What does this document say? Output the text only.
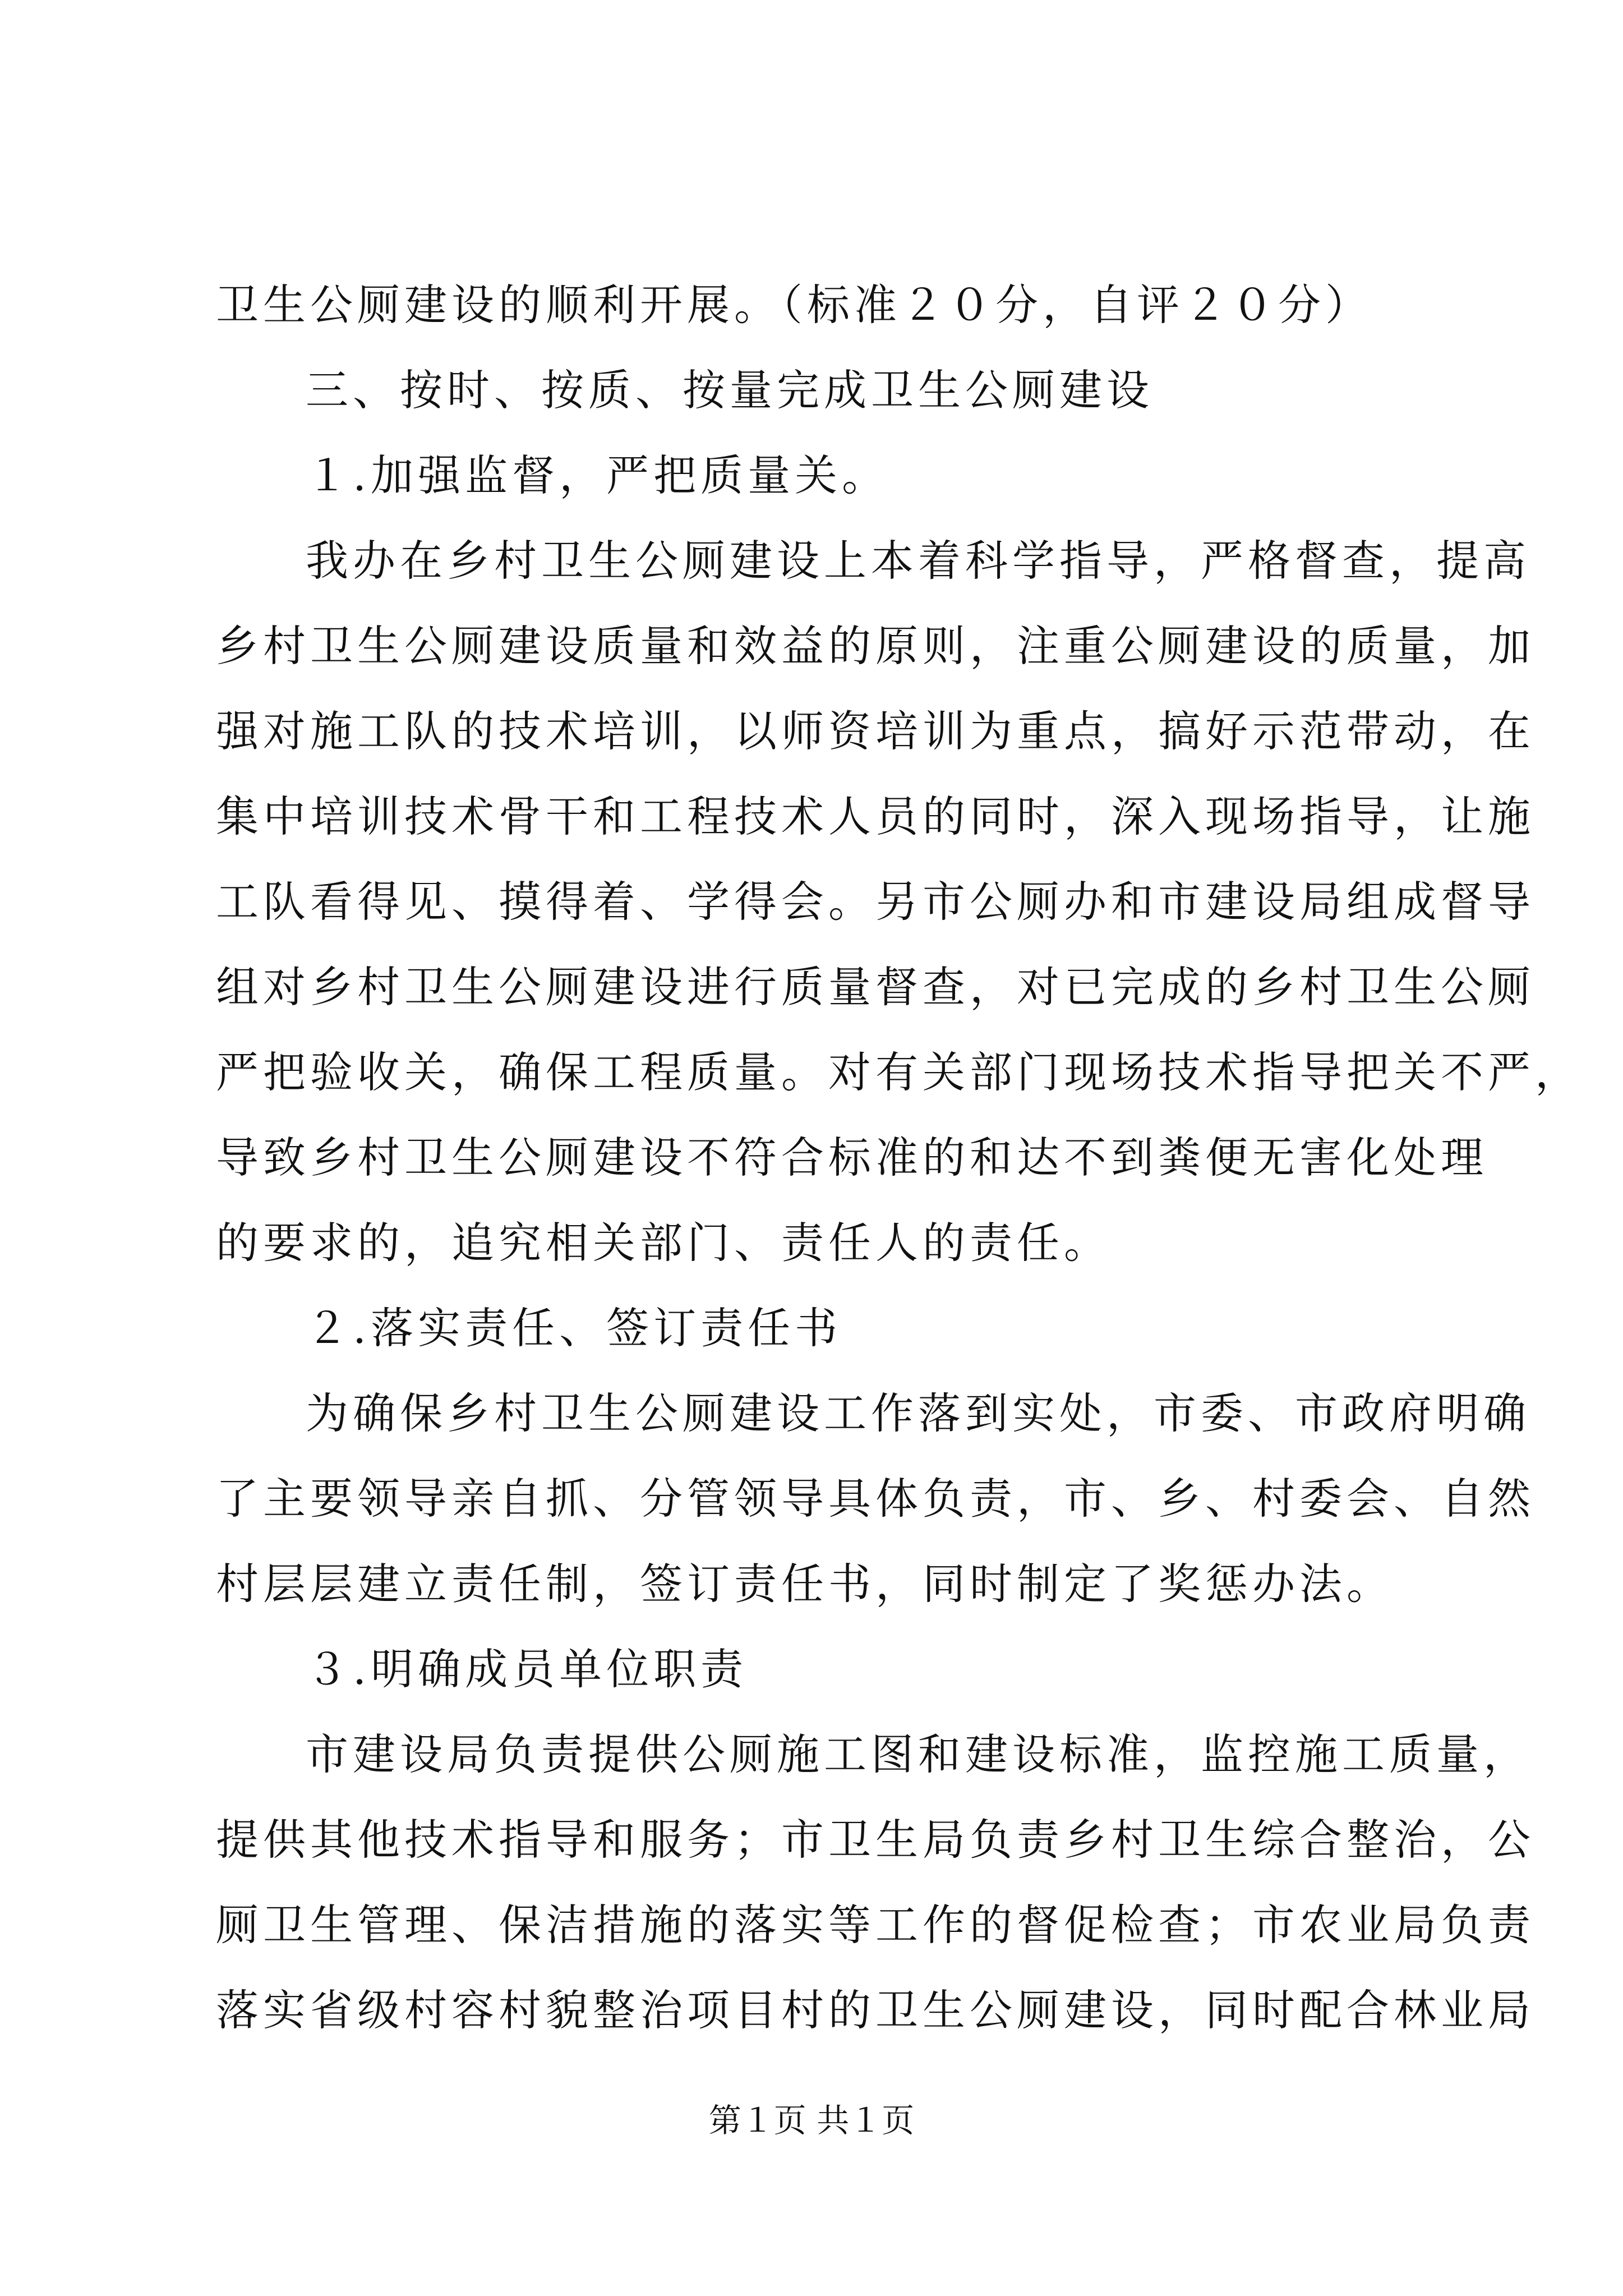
卫生公厕建设的顺利开展。（标准２０分，自评２０分）
三、按时、按质、按量完成卫生公厕建设
１.加强监督，严把质量关。
我办在乡村卫生公厕建设上本着科学指导，严格督查，提高
乡村卫生公厕建设质量和效益的原则，注重公厕建设的质量，加
强对施工队的技术培训，以师资培训为重点，搞好示范带动，在
集中培训技术骨干和工程技术人员的同时，深入现场指导，让施
工队看得见、摸得着、学得会。另市公厕办和市建设局组成督导
组对乡村卫生公厕建设进行质量督查，对已完成的乡村卫生公厕
严把验收关，确保工程质量。对有关部门现场技术指导把关不严，
导致乡村卫生公厕建设不符合标准的和达不到粪便无害化处理
的要求的，追究相关部门、责任人的责任。
２.落实责任、签订责任书
为确保乡村卫生公厕建设工作落到实处，市委、市政府明确
了主要领导亲自抓、分管领导具体负责，市、乡、村委会、自然
村层层建立责任制，签订责任书，同时制定了奖惩办法。
３.明确成员单位职责
市建设局负责提供公厕施工图和建设标准，监控施工质量，
提供其他技术指导和服务；市卫生局负责乡村卫生综合整治，公
厕卫生管理、保洁措施的落实等工作的督促检查；市农业局负责
落实省级村容村貌整治项目村的卫生公厕建设，同时配合林业局
第１页 共１页
